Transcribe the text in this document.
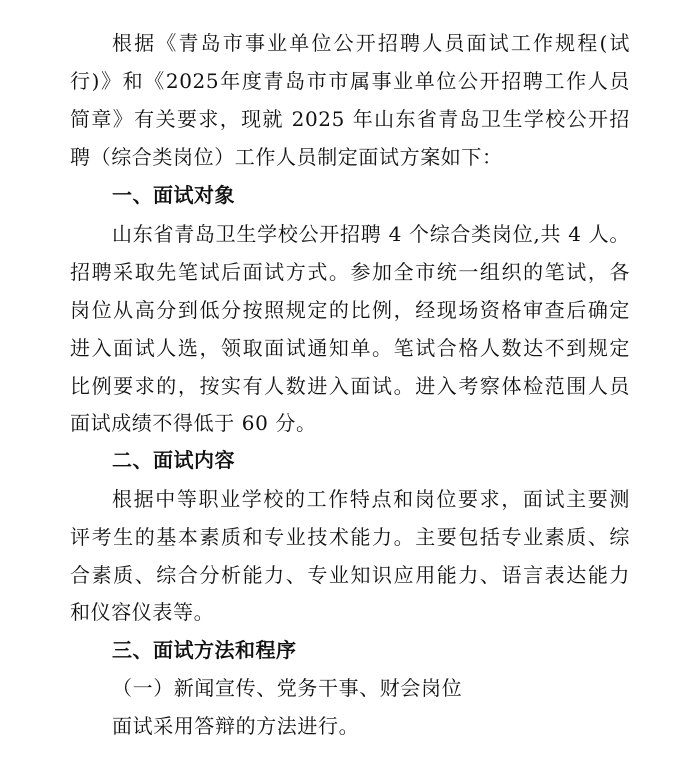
根据《青岛市事业单位公开招聘人员面试工作规程(试
行)》和《2025年度青岛市市属事业单位公开招聘工作人员
简章》有关要求，现就 2025 年山东省青岛卫生学校公开招
聘（综合类岗位）工作人员制定面试方案如下：
一、面试对象
山东省青岛卫生学校公开招聘 4 个综合类岗位,共 4 人。
招聘采取先笔试后面试方式。参加全市统一组织的笔试，各
岗位从高分到低分按照规定的比例，经现场资格审查后确定
进入面试人选，领取面试通知单。笔试合格人数达不到规定
比例要求的，按实有人数进入面试。进入考察体检范围人员
面试成绩不得低于 60 分。
二、面试内容
根据中等职业学校的工作特点和岗位要求，面试主要测
评考生的基本素质和专业技术能力。主要包括专业素质、综
合素质、综合分析能力、专业知识应用能力、语言表达能力
和仪容仪表等。
三、面试方法和程序
（一）新闻宣传、党务干事、财会岗位
面试采用答辩的方法进行。
